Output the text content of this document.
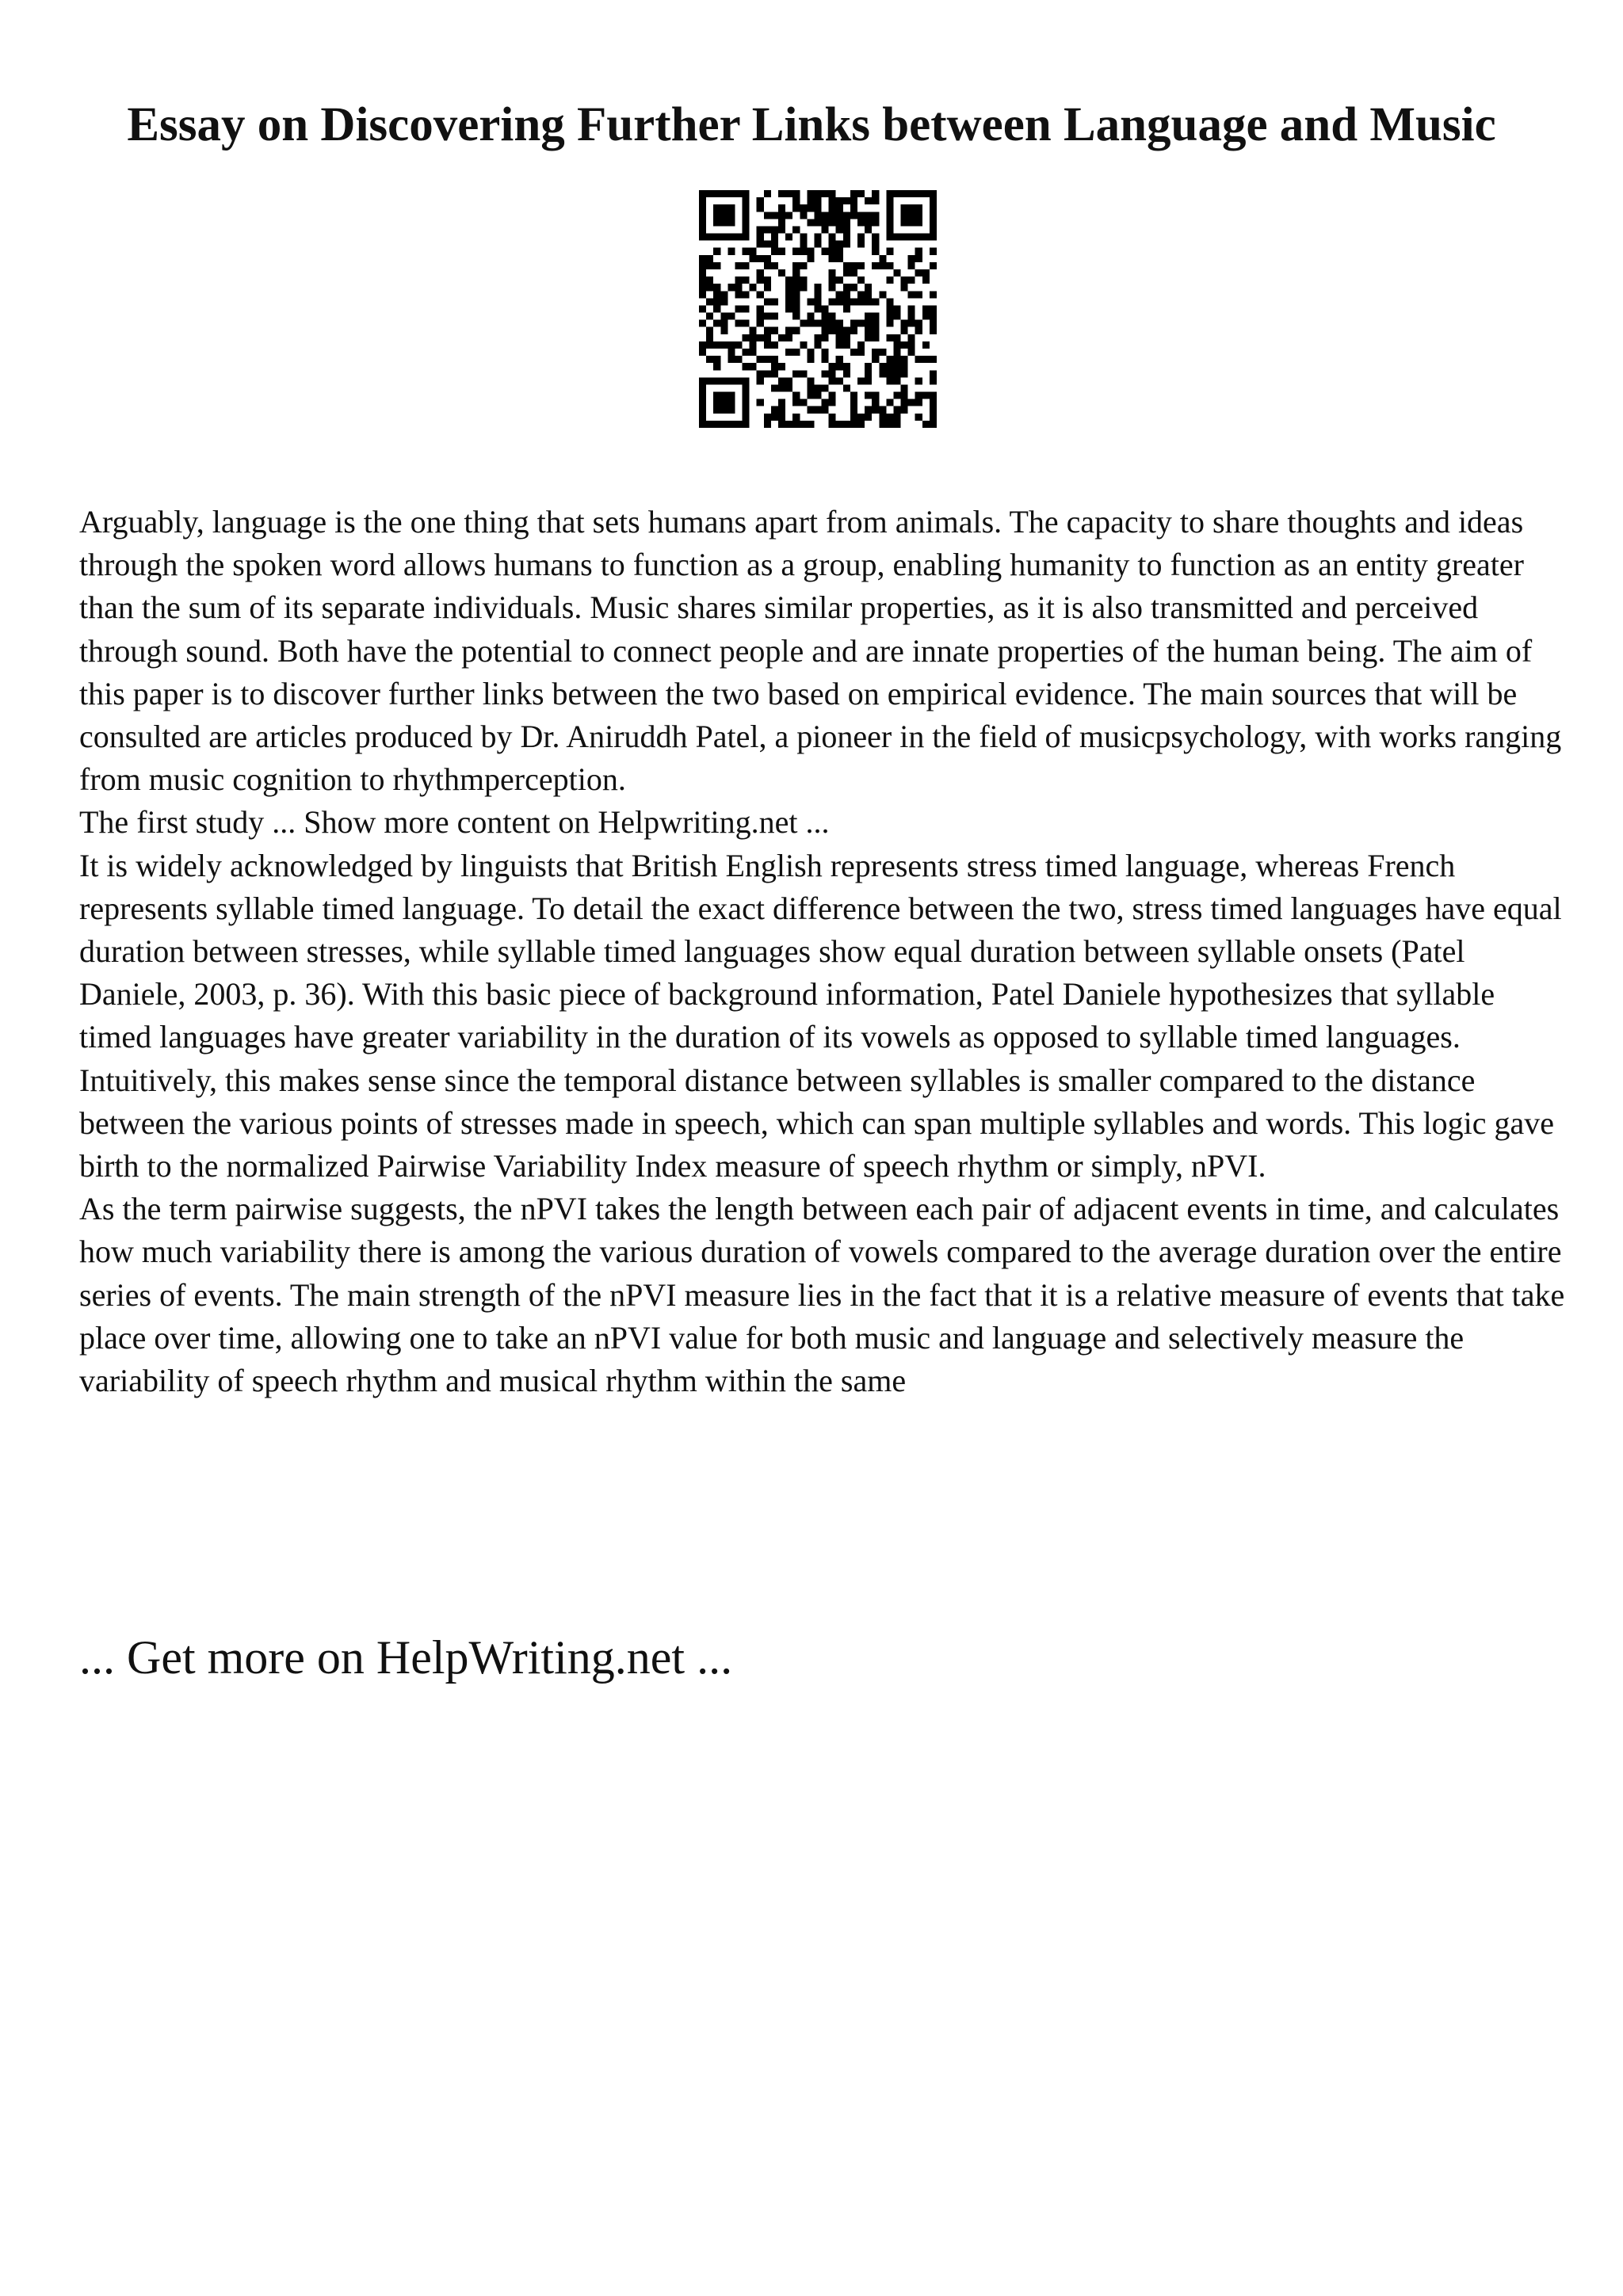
Essay on Discovering Further Links between Language and Music

Arguably, language is the one thing that sets humans apart from animals. The capacity to share thoughts and ideas through the spoken word allows humans to function as a group, enabling humanity to function as an entity greater than the sum of its separate individuals. Music shares similar properties, as it is also transmitted and perceived through sound. Both have the potential to connect people and are innate properties of the human being. The aim of this paper is to discover further links between the two based on empirical evidence. The main sources that will be consulted are articles produced by Dr. Aniruddh Patel, a pioneer in the field of musicpsychology, with works ranging from music cognition to rhythmperception.

The first study ... Show more content on Helpwriting.net ...

It is widely acknowledged by linguists that British English represents stress timed language, whereas French represents syllable timed language. To detail the exact difference between the two, stress timed languages have equal duration between stresses, while syllable timed languages show equal duration between syllable onsets (Patel Daniele, 2003, p. 36). With this basic piece of background information, Patel Daniele hypothesizes that syllable timed languages have greater variability in the duration of its vowels as opposed to syllable timed languages. Intuitively, this makes sense since the temporal distance between syllables is smaller compared to the distance between the various points of stresses made in speech, which can span multiple syllables and words. This logic gave birth to the normalized Pairwise Variability Index measure of speech rhythm or simply, nPVI.

As the term pairwise suggests, the nPVI takes the length between each pair of adjacent events in time, and calculates how much variability there is among the various duration of vowels compared to the average duration over the entire series of events. The main strength of the nPVI measure lies in the fact that it is a relative measure of events that take place over time, allowing one to take an nPVI value for both music and language and selectively measure the variability of speech rhythm and musical rhythm within the same

... Get more on HelpWriting.net ...
